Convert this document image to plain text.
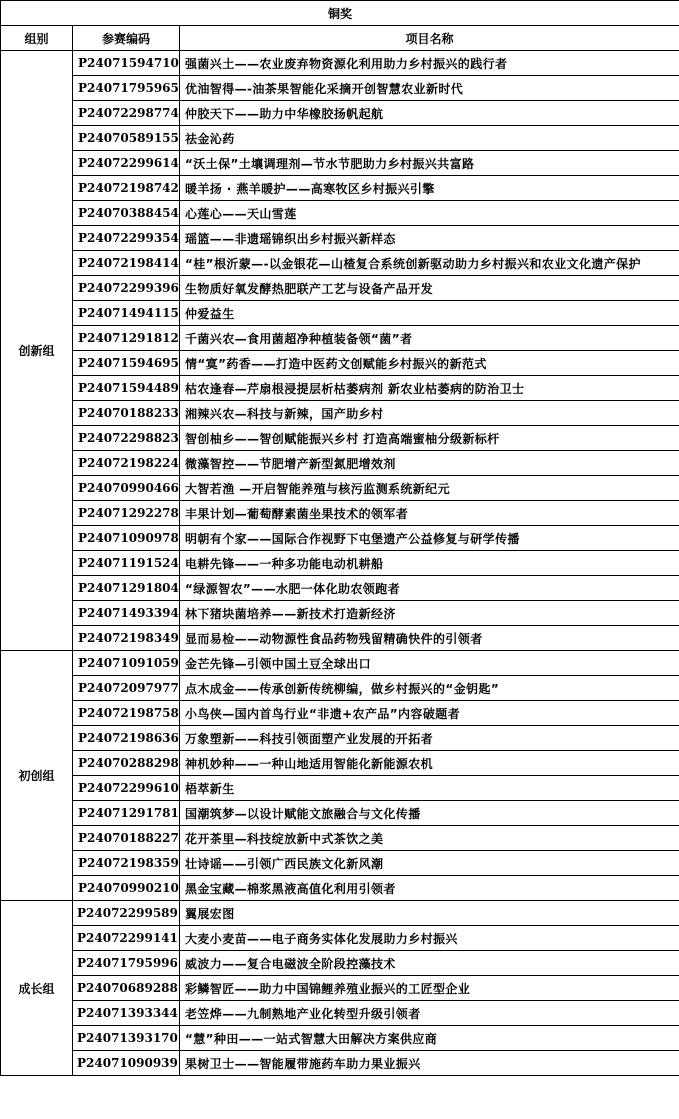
铜奖		
组别	参赛编码	项目名称
创新组	P24071594710	强菌兴土——农业废弃物资源化利用助力乡村振兴的践行者
	P24071795965	优油智得—-油茶果智能化采摘开创智慧农业新时代
	P24072298774	仲胶天下——助力中华橡胶扬帆起航
	P24070589155	祛金沁药
	P24072299614	“沃土保”土壤调理剂—节水节肥助力乡村振兴共富路
	P24072198742	暖羊扬 · 燕羊暖护——高寒牧区乡村振兴引擎
	P24070388454	心莲心——天山雪莲
	P24072299354	瑶篮——非遗瑶锦织出乡村振兴新样态
	P24072198414	“桂”根沂蒙—-以金银花—山楂复合系统创新驱动助力乡村振兴和农业文化遗产保护
	P24072299396	生物质好氧发酵热肥联产工艺与设备产品开发
	P24071494115	仲爱益生
	P24071291812	千菌兴农—食用菌超净种植装备领“菌”者
	P24071594695	情“寞”药香——打造中医药文创赋能乡村振兴的新范式
	P24071594489	枯农逢春—芹扇根浸提层析枯萎病剂 新农业枯萎病的防治卫士
	P24070188233	湘辣兴农—科技与新辣，国产助乡村
	P24072298823	智创柚乡——智创赋能振兴乡村 打造高端蜜柚分级新标杆
	P24072198224	微藻智控——节肥增产新型氮肥增效剂
	P24070990466	大智若渔 —开启智能养殖与核污监测系统新纪元
	P24071292278	丰果计划—葡萄酵素菌坐果技术的领军者
	P24071090978	明朝有个家——国际合作视野下屯堡遗产公益修复与研学传播
	P24071191524	电耕先锋——一种多功能电动机耕船
	P24071291804	“绿源智农”——水肥一体化助农领跑者
	P24071493394	林下猪块菌培养——新技术打造新经济
	P24072198349	显而易检——动物源性食品药物残留精确快件的引领者
初创组	P24071091059	金芒先锋—引领中国土豆全球出口
	P24072097977	点木成金——传承创新传统柳编，做乡村振兴的“金钥匙”
	P24072198758	小鸟侠—国内首鸟行业“非遗+农产品”内容破题者
	P24072198636	万象塑新——科技引领面塑产业发展的开拓者
	P24070288298	神机妙种——一种山地适用智能化新能源农机
	P24072299610	梧萃新生
	P24071291781	国潮筑梦—以设计赋能文旅融合与文化传播
	P24070188227	花开茶里—科技绽放新中式茶饮之美
	P24072198359	壮诗谣——引领广西民族文化新风潮
	P24070990210	黑金宝藏—棉浆黑液高值化利用引领者
成长组	P24072299589	翼展宏图
	P24072299141	大麦小麦苗——电子商务实体化发展助力乡村振兴
	P24071795996	威波力——复合电磁波全阶段控藻技术
	P24070689288	彩鳞智匠——助力中国锦鲤养殖业振兴的工匠型企业
	P24071393344	老笠烨——九制熟地产业化转型升级引领者
	P24071393170	“慧”种田——一站式智慧大田解决方案供应商
	P24071090939	果树卫士——智能履带施药车助力果业振兴
